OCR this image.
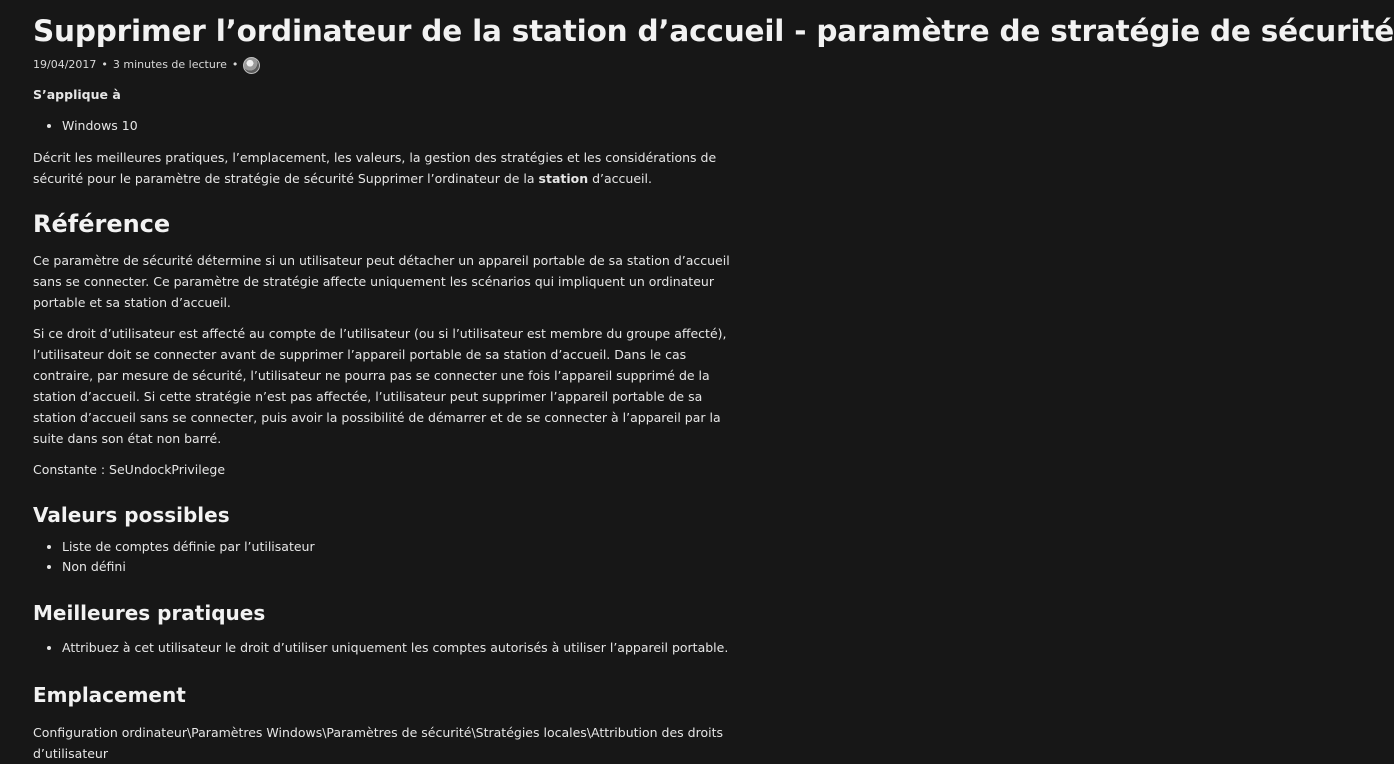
Supprimer l’ordinateur de la station d’accueil - paramètre de stratégie de sécurité
19/04/2017 • 3 minutes de lecture •
S’applique à
• Windows 10

Décrit les meilleures pratiques, l’emplacement, les valeurs, la gestion des stratégies et les considérations de sécurité pour le paramètre de stratégie de sécurité Supprimer l’ordinateur de la station d’accueil.

Référence

Ce paramètre de sécurité détermine si un utilisateur peut détacher un appareil portable de sa station d’accueil sans se connecter. Ce paramètre de stratégie affecte uniquement les scénarios qui impliquent un ordinateur portable et sa station d’accueil.

Si ce droit d’utilisateur est affecté au compte de l’utilisateur (ou si l’utilisateur est membre du groupe affecté), l’utilisateur doit se connecter avant de supprimer l’appareil portable de sa station d’accueil. Dans le cas contraire, par mesure de sécurité, l’utilisateur ne pourra pas se connecter une fois l’appareil supprimé de la station d’accueil. Si cette stratégie n’est pas affectée, l’utilisateur peut supprimer l’appareil portable de sa station d’accueil sans se connecter, puis avoir la possibilité de démarrer et de se connecter à l’appareil par la suite dans son état non barré.

Constante : SeUndockPrivilege

Valeurs possibles
• Liste de comptes définie par l’utilisateur
• Non défini
Meilleures pratiques
• Attribuez à cet utilisateur le droit d’utiliser uniquement les comptes autorisés à utiliser l’appareil portable.
Emplacement

Configuration ordinateur\Paramètres Windows\Paramètres de sécurité\Stratégies locales\Attribution des droits d’utilisateur
